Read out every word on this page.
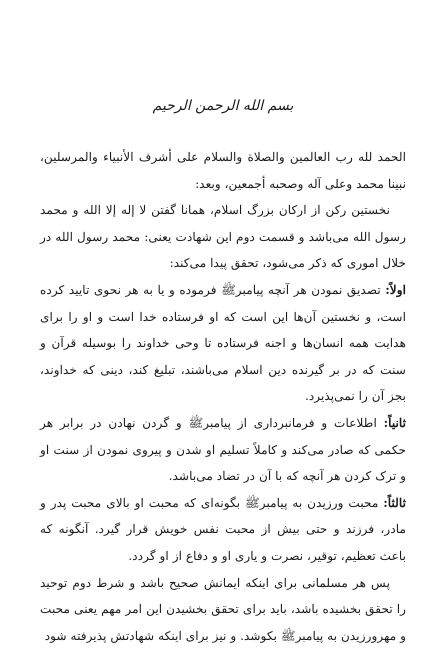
بسم الله الرحمن الرحيم

الحمد لله رب العالمين والصلاة والسلام على أشرف الأنبياء والمرسلين، نبينا محمد وعلى آله وصحبه أجمعين، وبعد:

نخستين ركن از اركان بزرگ اسلام، همانا گفتن لا إله إلا الله و محمد رسول الله می‌باشد و قسمت دوم این شهادت یعنی: محمد رسول الله در خلال اموری که ذکر می‌شود، تحقق پیدا می‌کند:

اولاً: تصدیق نمودن هر آنچه پیامبرﷺ فرموده و یا به هر نحوی تایید کرده است، و نخستین آن‌ها این است که او فرستاده خدا است و او را برای هدایت همه انسان‌ها و اجنه فرستاده تا وحی خداوند را بوسیله قرآن و سنت که در بر گیرنده دین اسلام می‌باشند، تبلیغ کند، دینی که خداوند، بجز آن را نمی‌پذیرد.

ثانیاً: اطلاعات و فرمانبرداری از پیامبرﷺ و گردن نهادن در برابر هر حکمی که صادر می‌کند و کاملاً تسلیم او شدن و پیروی نمودن از سنت او و ترک کردن هر آنچه که با آن در تضاد می‌باشد.

ثالثاً: محبت ورزیدن به پیامبرﷺ بگونه‌ای که محبت او بالای محبت پدر و مادر، فرزند و حتی بیش از محبت نفس خویش قرار گیرد. آنگونه که باعث تعظیم، توقیر، نصرت و یاری او و دفاع از او گردد.

پس هر مسلمانی برای اینکه ایمانش صحیح باشد و شرط دوم توحید را تحقق بخشیده باشد، باید برای تحقق بخشیدن این امر مهم یعنی محبت و مهرورزیدن به پیامبرﷺ بکوشد. و نیز برای اینکه شهادتش پذیرفته شود
